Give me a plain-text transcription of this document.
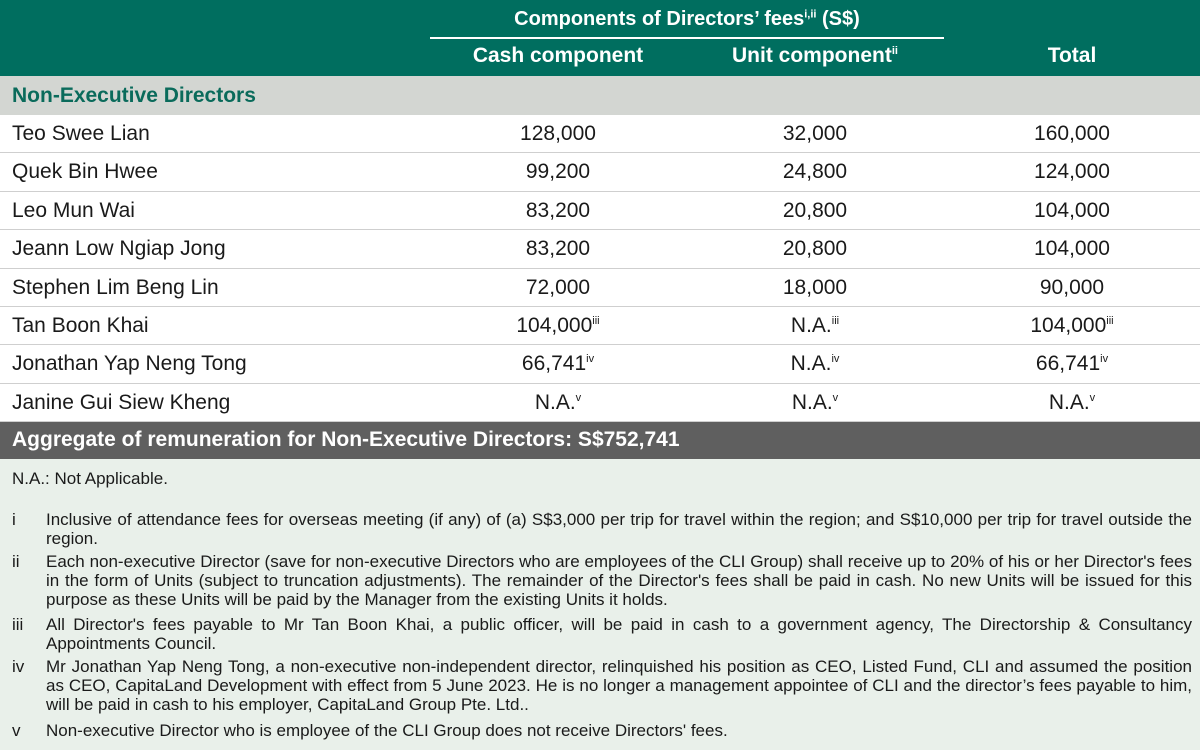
Components of Directors’ fees$^{i,ii}$ (S$)
Cash component	Unit component$^{ii}$	Total
Non-Executive Directors
Teo Swee Lian	128,000	32,000	160,000
Quek Bin Hwee	99,200	24,800	124,000
Leo Mun Wai	83,200	20,800	104,000
Jeann Low Ngiap Jong	83,200	20,800	104,000
Stephen Lim Beng Lin	72,000	18,000	90,000
Tan Boon Khai	104,000$^{iii}$	N.A.$^{iii}$	104,000$^{iii}$
Jonathan Yap Neng Tong	66,741$^{iv}$	N.A.$^{iv}$	66,741$^{iv}$
Janine Gui Siew Kheng	N.A.$^v$	N.A.$^v$	N.A.$^v$
Aggregate of remuneration for Non-Executive Directors: S$752,741
N.A.: Not Applicable.
i	Inclusive of attendance fees for overseas meeting (if any) of (a) S$3,000 per trip for travel within the region; and S$10,000 per trip for travel outside the region.
ii	Each non-executive Director (save for non-executive Directors who are employees of the CLI Group) shall receive up to 20% of his or her Director's fees in the form of Units (subject to truncation adjustments). The remainder of the Director's fees shall be paid in cash. No new Units will be issued for this purpose as these Units will be paid by the Manager from the existing Units it holds.
iii	All Director's fees payable to Mr Tan Boon Khai, a public officer, will be paid in cash to a government agency, The Directorship & Consultancy Appointments Council.
iv	Mr Jonathan Yap Neng Tong, a non-executive non-independent director, relinquished his position as CEO, Listed Fund, CLI and assumed the position as CEO, CapitaLand Development with effect from 5 June 2023. He is no longer a management appointee of CLI and the director’s fees payable to him, will be paid in cash to his employer, CapitaLand Group Pte. Ltd..
v	Non-executive Director who is employee of the CLI Group does not receive Directors' fees.
